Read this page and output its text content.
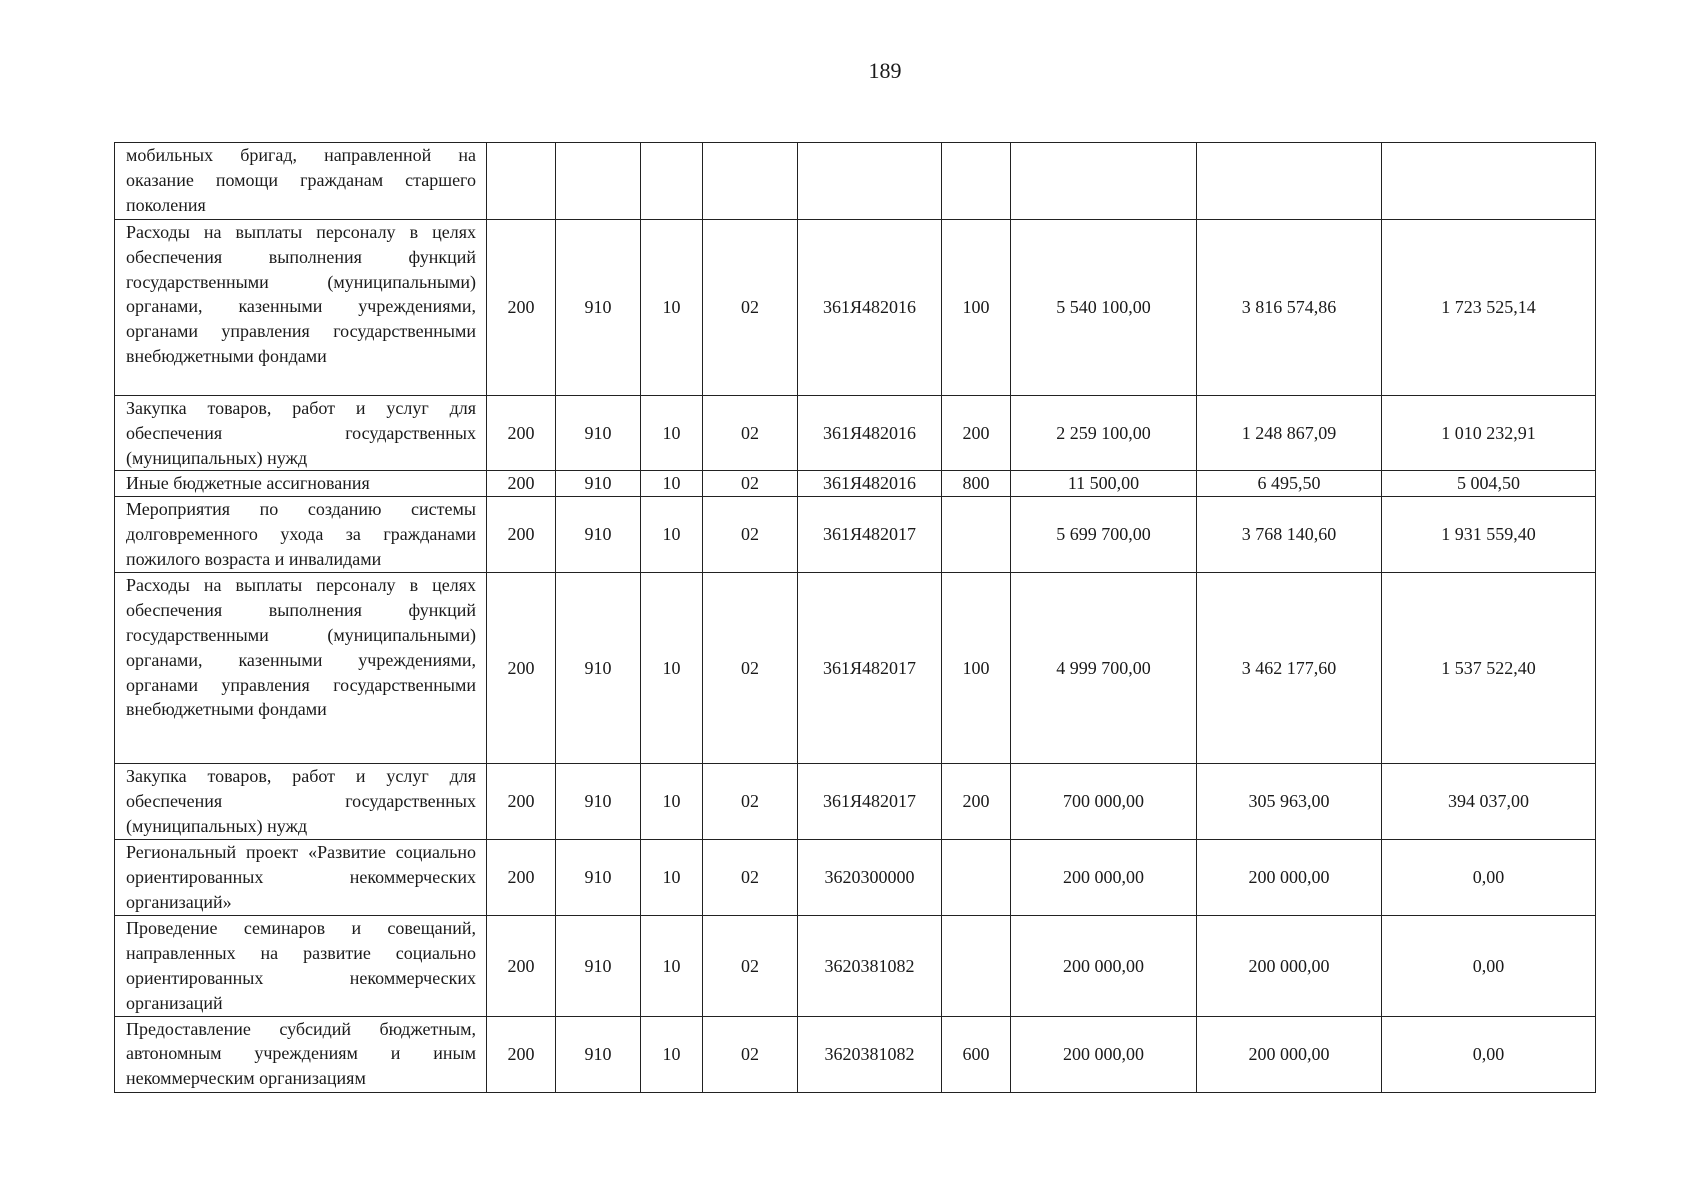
189
мобильных бригад, направленной на оказание помощи гражданам старшего поколения									
Расходы на выплаты персоналу в целях обеспечения выполнения функций государственными (муниципальными) органами, казенными учреждениями, органами управления государственными внебюджетными фондами	200	910	10	02	361Я482016	100	5 540 100,00	3 816 574,86	1 723 525,14
Закупка товаров, работ и услуг для обеспечения государственных (муниципальных) нужд	200	910	10	02	361Я482016	200	2 259 100,00	1 248 867,09	1 010 232,91
Иные бюджетные ассигнования	200	910	10	02	361Я482016	800	11 500,00	6 495,50	5 004,50
Мероприятия по созданию системы долговременного ухода за гражданами пожилого возраста и инвалидами	200	910	10	02	361Я482017		5 699 700,00	3 768 140,60	1 931 559,40
Расходы на выплаты персоналу в целях обеспечения выполнения функций государственными (муниципальными) органами, казенными учреждениями, органами управления государственными внебюджетными фондами	200	910	10	02	361Я482017	100	4 999 700,00	3 462 177,60	1 537 522,40
Закупка товаров, работ и услуг для обеспечения государственных (муниципальных) нужд	200	910	10	02	361Я482017	200	700 000,00	305 963,00	394 037,00
Региональный проект «Развитие социально ориентированных некоммерческих организаций»	200	910	10	02	3620300000		200 000,00	200 000,00	0,00
Проведение семинаров и совещаний, направленных на развитие социально ориентированных некоммерческих организаций	200	910	10	02	3620381082		200 000,00	200 000,00	0,00
Предоставление субсидий бюджетным, автономным учреждениям и иным некоммерческим организациям	200	910	10	02	3620381082	600	200 000,00	200 000,00	0,00
